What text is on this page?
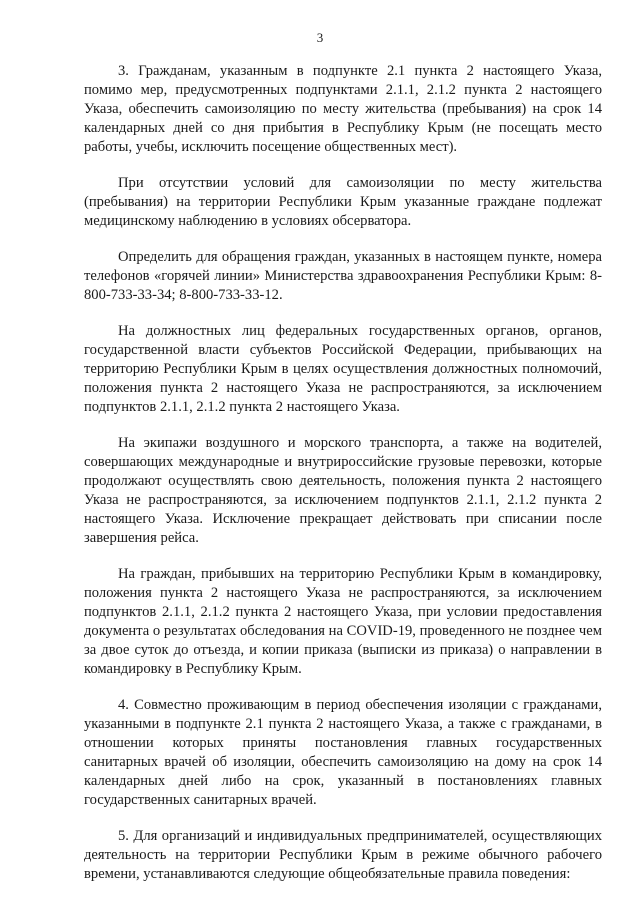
3

3. Гражданам, указанным в подпункте 2.1 пункта 2 настоящего Указа, помимо мер, предусмотренных подпунктами 2.1.1, 2.1.2 пункта 2 настоящего Указа, обеспечить самоизоляцию по месту жительства (пребывания) на срок 14 календарных дней со дня прибытия в Республику Крым (не посещать место работы, учебы, исключить посещение общественных мест).

При отсутствии условий для самоизоляции по месту жительства (пребывания) на территории Республики Крым указанные граждане подлежат медицинскому наблюдению в условиях обсерватора.

Определить для обращения граждан, указанных в настоящем пункте, номера телефонов «горячей линии» Министерства здравоохранения Республики Крым: 8-800-733-33-34; 8-800-733-33-12.

На должностных лиц федеральных государственных органов, органов, государственной власти субъектов Российской Федерации, прибывающих на территорию Республики Крым в целях осуществления должностных полномочий, положения пункта 2 настоящего Указа не распространяются, за исключением подпунктов 2.1.1, 2.1.2 пункта 2 настоящего Указа.

На экипажи воздушного и морского транспорта, а также на водителей, совершающих международные и внутрироссийские грузовые перевозки, которые продолжают осуществлять свою деятельность, положения пункта 2 настоящего Указа не распространяются, за исключением подпунктов 2.1.1, 2.1.2 пункта 2 настоящего Указа. Исключение прекращает действовать при списании после завершения рейса.

На граждан, прибывших на территорию Республики Крым в командировку, положения пункта 2 настоящего Указа не распространяются, за исключением подпунктов 2.1.1, 2.1.2 пункта 2 настоящего Указа, при условии предоставления документа о результатах обследования на COVID-19, проведенного не позднее чем за двое суток до отъезда, и копии приказа (выписки из приказа) о направлении в командировку в Республику Крым.

4. Совместно проживающим в период обеспечения изоляции с гражданами, указанными в подпункте 2.1 пункта 2 настоящего Указа, а также с гражданами, в отношении которых приняты постановления главных государственных санитарных врачей об изоляции, обеспечить самоизоляцию на дому на срок 14 календарных дней либо на срок, указанный в постановлениях главных государственных санитарных врачей.

5. Для организаций и индивидуальных предпринимателей, осуществляющих деятельность на территории Республики Крым в режиме обычного рабочего времени, устанавливаются следующие общеобязательные правила поведения:
